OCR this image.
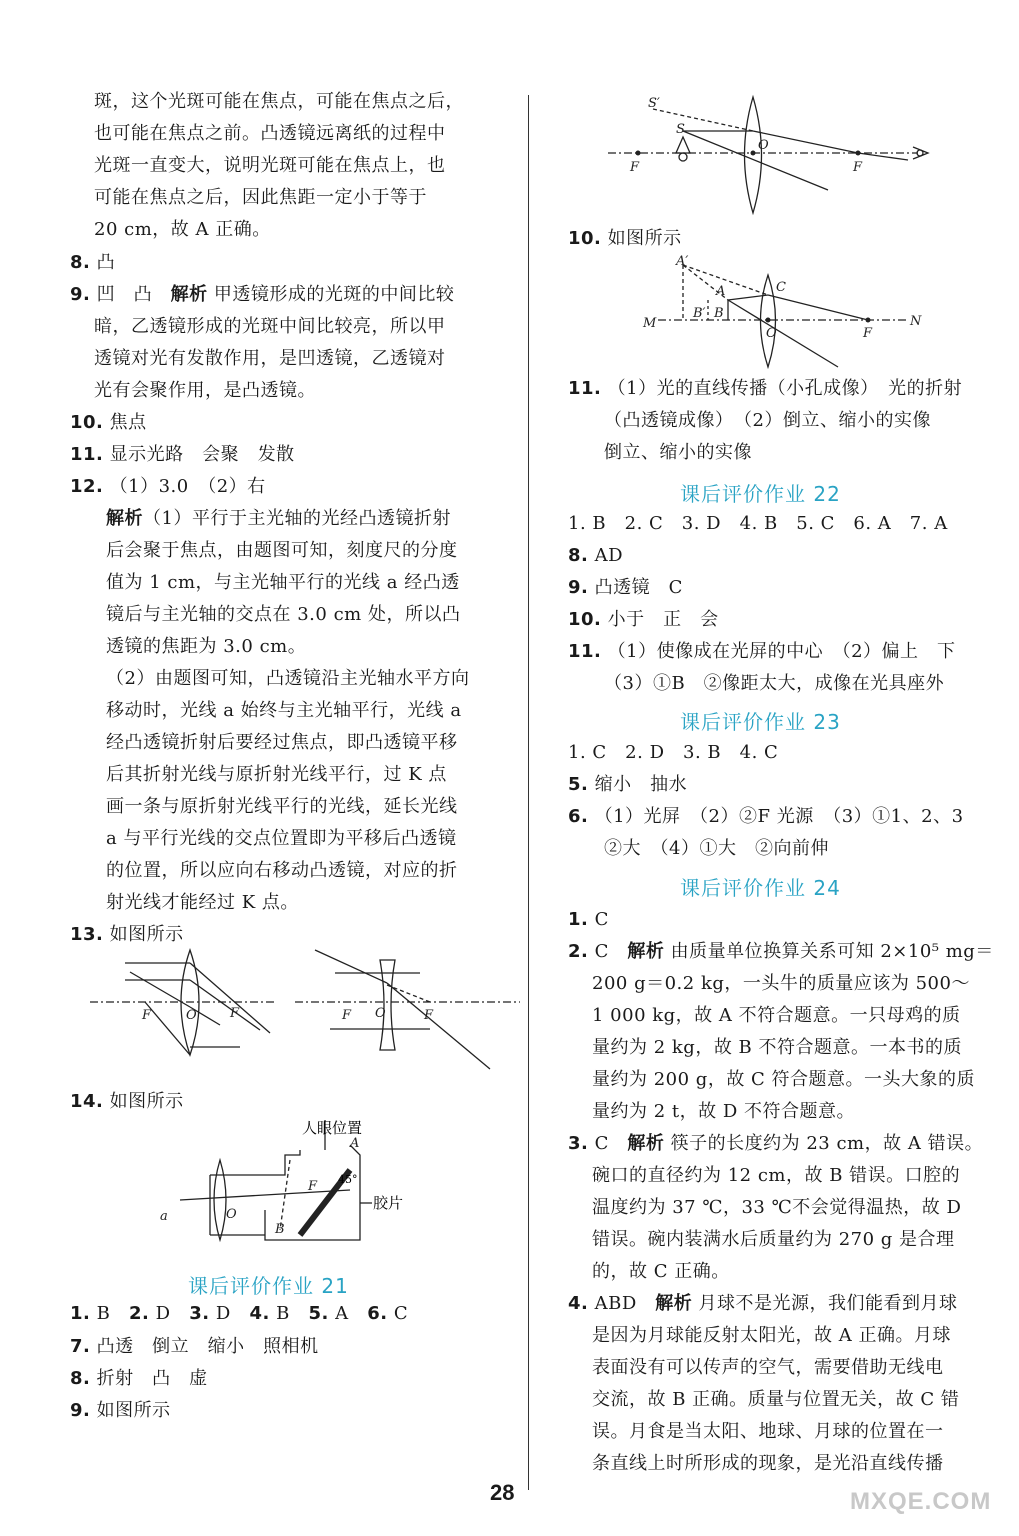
斑，这个光斑可能在焦点，可能在焦点之后，
也可能在焦点之前。凸透镜远离纸的过程中
光斑一直变大，说明光斑可能在焦点上，也
可能在焦点之后，因此焦距一定小于等于
20 cm，故 A 正确。
8. 凸
9. 凹　凸　 解析 甲透镜形成的光斑的中间比较
暗，乙透镜形成的光斑中间比较亮，所以甲
透镜对光有发散作用，是凹透镜，乙透镜对
光有会聚作用，是凸透镜。
10. 焦点
11. 显示光路　会聚　发散
12. （1）3.0　（2）右
解析（1）平行于主光轴的光经凸透镜折射
后会聚于焦点，由题图可知，刻度尺的分度
值为 1 cm，与主光轴平行的光线 a 经凸透
镜后与主光轴的交点在 3.0 cm 处，所以凸
透镜的焦距为 3.0 cm。
（2）由题图可知，凸透镜沿主光轴水平方向
移动时，光线 a 始终与主光轴平行，光线 a
经凸透镜折射后要经过焦点，即凸透镜平移
后其折射光线与原折射光线平行，过 K 点
画一条与原折射光线平行的光线，延长光线
a 与平行光线的交点位置即为平移后凸透镜
的位置，所以应向右移动凸透镜，对应的折
射光线才能经过 K 点。
13. 如图所示
F	O	F	F O	F
14. 如图所示
O
F
B
A
a
人眼位置
胶片
45°
课后评价作业 21
1. B 2. D 3. D 4. B 5. A 6. C
7. 凸透　倒立　缩小　照相机
8. 折射　凸　虚
9. 如图所示
S′
S
O
F	F
10. 如图所示
A′
A	C
M
B′ B
O	F
N
11. （1）光的直线传播（小孔成像）　光的折射
（凸透镜成像）　（2）倒立、缩小的实像
倒立、缩小的实像
课后评价作业 22
1. B　2. C　3. D　4. B　5. C　6. A　7. A
8. AD
9. 凸透镜　C
10. 小于　正　会
11. （1）使像成在光屏的中心　（2）偏上　下
（3）①B　②像距太大，成像在光具座外
课后评价作业 23
1. C　2. D　3. B　4. C
5. 缩小　抽水
6. （1）光屏　（2）②F 光源　（3）①1、2、3
②大　（4）①大　②向前伸
课后评价作业 24
1. C
2. C　 解析 由质量单位换算关系可知 2×10⁵ mg＝
200 g＝0.2 kg，一头牛的质量应该为 500～
1 000 kg，故 A 不符合题意。一只母鸡的质
量约为 2 kg，故 B 不符合题意。一本书的质
量约为 200 g，故 C 符合题意。一头大象的质
量约为 2 t，故 D 不符合题意。
3. C　 解析 筷子的长度约为 23 cm，故 A 错误。
碗口的直径约为 12 cm，故 B 错误。口腔的
温度约为 37 ℃，33 ℃不会觉得温热，故 D
错误。碗内装满水后质量约为 270 g 是合理
的，故 C 正确。
4. ABD　 解析 月球不是光源，我们能看到月球
是因为月球能反射太阳光，故 A 正确。月球
表面没有可以传声的空气，需要借助无线电
交流，故 B 正确。质量与位置无关，故 C 错
误。月食是当太阳、地球、月球的位置在一
条直线上时所形成的现象，是光沿直线传播
28	MXQE.COM
